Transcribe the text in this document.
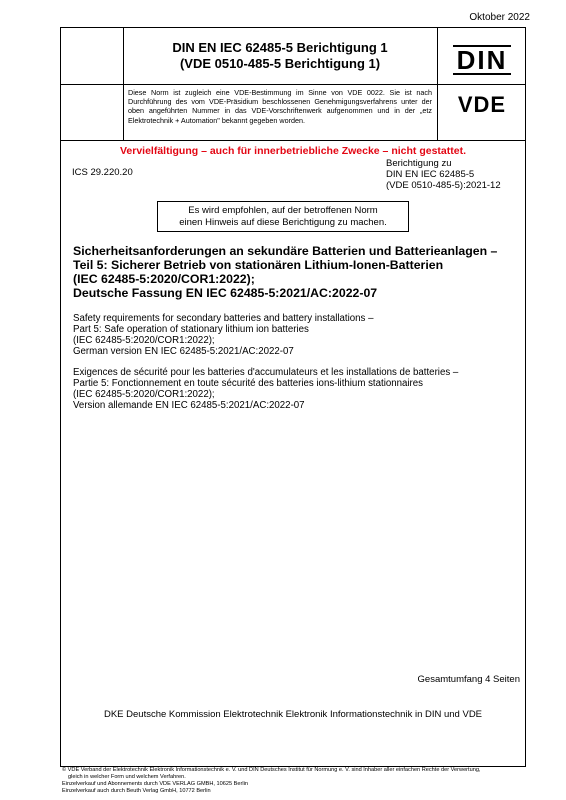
Oktober 2022
DIN EN IEC 62485-5 Berichtigung 1
(VDE 0510-485-5 Berichtigung 1)	DIN
Diese Norm ist zugleich eine VDE-Bestimmung im Sinne von VDE 0022. Sie ist nach Durchführung des vom VDE-Präsidium beschlossenen Genehmigungsverfahrens unter der oben angeführten Nummer in das VDE-Vorschriftenwerk aufgenommen und in der „etz Elektrotechnik + Automation" bekannt gegeben worden.
VDE
Vervielfältigung – auch für innerbetriebliche Zwecke – nicht gestattet.
ICS 29.220.20
Berichtigung zu
DIN EN IEC 62485-5
(VDE 0510-485-5):2021-12
Es wird empfohlen, auf der betroffenen Norm
einen Hinweis auf diese Berichtigung zu machen.
Sicherheitsanforderungen an sekundäre Batterien und Batterieanlagen –
Teil 5: Sicherer Betrieb von stationären Lithium-Ionen-Batterien
(IEC 62485-5:2020/COR1:2022);
Deutsche Fassung EN IEC 62485-5:2021/AC:2022-07
Safety requirements for secondary batteries and battery installations –
Part 5: Safe operation of stationary lithium ion batteries
(IEC 62485-5:2020/COR1:2022);
German version EN IEC 62485-5:2021/AC:2022-07
Exigences de sécurité pour les batteries d'accumulateurs et les installations de batteries –
Partie 5: Fonctionnement en toute sécurité des batteries ions-lithium stationnaires
(IEC 62485-5:2020/COR1:2022);
Version allemande EN IEC 62485-5:2021/AC:2022-07
Gesamtumfang 4 Seiten
DKE Deutsche Kommission Elektrotechnik Elektronik Informationstechnik in DIN und VDE
© VDE Verband der Elektrotechnik Elektronik Informationstechnik e. V. und DIN Deutsches Institut für Normung e. V. sind Inhaber aller einfachen Rechte der Verwertung,
gleich in welcher Form und welchem Verfahren.
Einzelverkauf und Abonnements durch VDE VERLAG GMBH, 10625 Berlin
Einzelverkauf auch durch Beuth Verlag GmbH, 10772 Berlin
